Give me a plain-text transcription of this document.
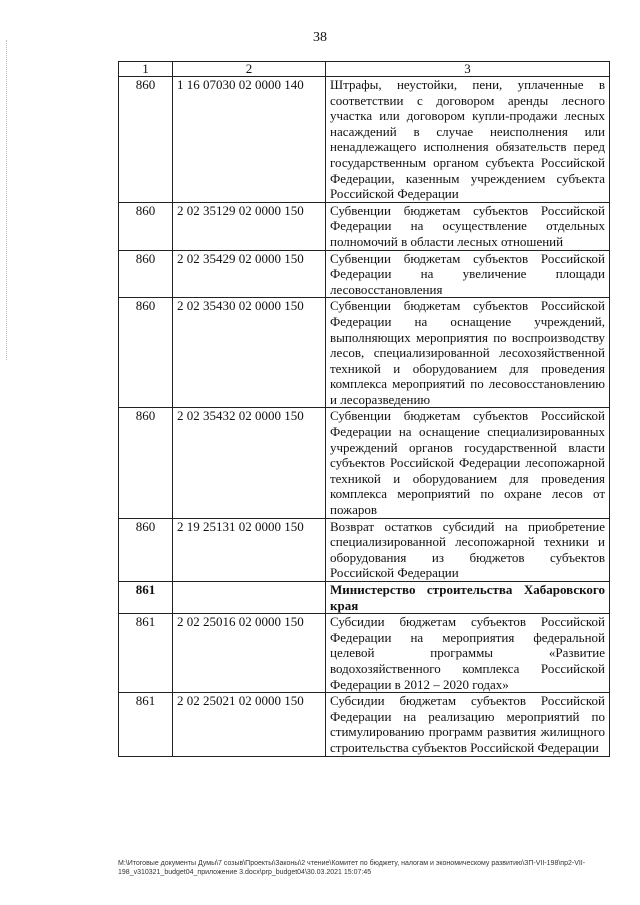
38
1	2	3
860	1 16 07030 02 0000 140	Штрафы, неустойки, пени, уплаченные в соответствии с договором аренды лесного участка или договором купли-продажи лесных насаждений в случае неисполнения или ненадлежащего исполнения обязательств перед государственным органом субъекта Российской Федерации, казенным учреждением субъекта Российской Федерации
860	2 02 35129 02 0000 150	Субвенции бюджетам субъектов Российской Федерации на осуществление отдельных полномочий в области лесных отношений
860	2 02 35429 02 0000 150	Субвенции бюджетам субъектов Российской Федерации на увеличение площади лесовосстановления
860	2 02 35430 02 0000 150	Субвенции бюджетам субъектов Российской Федерации на оснащение учреждений, выполняющих мероприятия по воспроизводству лесов, специализированной лесохозяйственной техникой и оборудованием для проведения комплекса мероприятий по лесовосстановлению и лесоразведению
860	2 02 35432 02 0000 150	Субвенции бюджетам субъектов Российской Федерации на оснащение специализированных учреждений органов государственной власти субъектов Российской Федерации лесопожарной техникой и оборудованием для проведения комплекса мероприятий по охране лесов от пожаров
860	2 19 25131 02 0000 150	Возврат остатков субсидий на приобретение специализированной лесопожарной техники и оборудования из бюджетов субъектов Российской Федерации
861		Министерство строительства Хабаровского края
861	2 02 25016 02 0000 150	Субсидии бюджетам субъектов Российской Федерации на мероприятия федеральной целевой программы «Развитие водохозяйственного комплекса Российской Федерации в 2012 – 2020 годах»
861	2 02 25021 02 0000 150	Субсидии бюджетам субъектов Российской Федерации на реализацию мероприятий по стимулированию программ развития жилищного строительства субъектов Российской Федерации
M:\Итоговые документы Думы\7 созыв\Проекты\Законы\2 чтение\Комитет по бюджету, налогам и экономическому развитию\ЗП-VII-198\пр2-VII-198_v310321_budget04_приложение 3.docx\prp_budget04\30.03.2021 15:07:45
